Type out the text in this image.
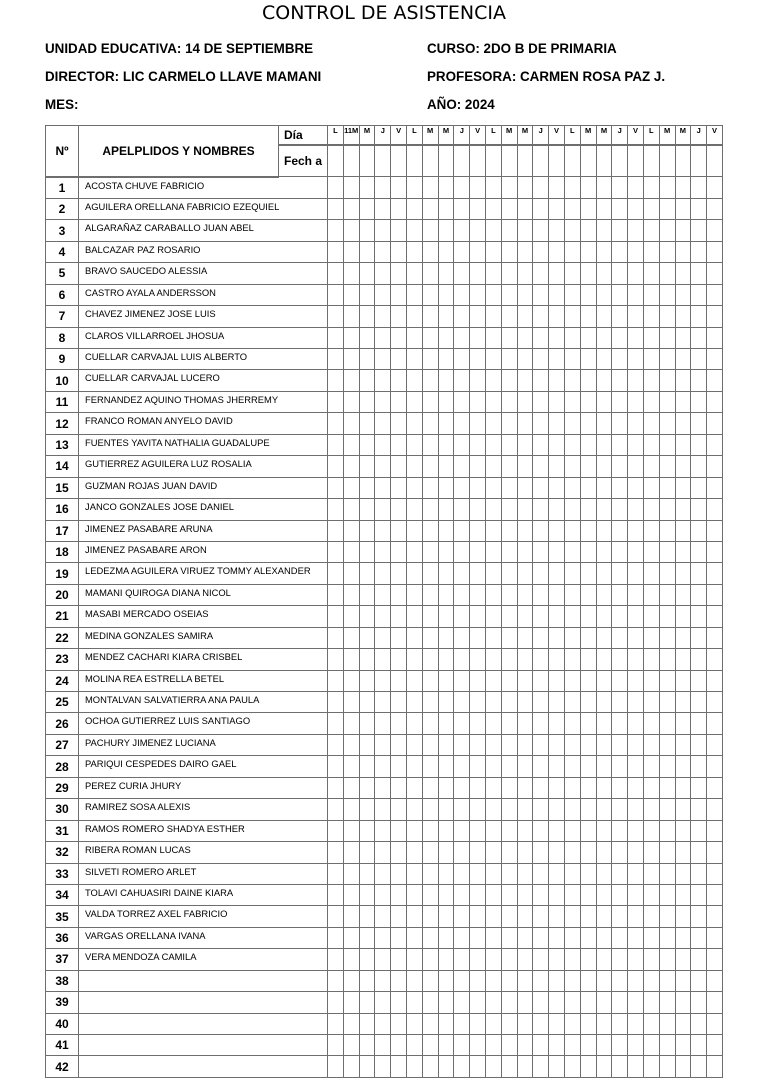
CONTROL DE ASISTENCIA
UNIDAD EDUCATIVA: 14 DE SEPTIEMBRE	CURSO: 2DO B DE PRIMARIA
DIRECTOR: LIC CARMELO LLAVE MAMANI	PROFESORA: CARMEN ROSA PAZ J.
MES:	AÑO: 2024
Nº	APELPLIDOS Y NOMBRES	Día	L	11M	M	J	V	L	M	M	J	V	L	M	M	J	V	L	M	M	J	V	L	M	M	J	V
		Fech a																									
1	ACOSTA CHUVE FABRICIO																										
2	AGUILERA ORELLANA FABRICIO EZEQUIEL																										
3	ALGARAÑAZ CARABALLO JUAN ABEL																										
4	BALCAZAR PAZ ROSARIO																										
5	BRAVO SAUCEDO ALESSIA																										
6	CASTRO AYALA ANDERSSON																										
7	CHAVEZ JIMENEZ JOSE LUIS																										
8	CLAROS VILLARROEL JHOSUA																										
9	CUELLAR CARVAJAL LUIS ALBERTO																										
10	CUELLAR CARVAJAL LUCERO																										
11	FERNANDEZ AQUINO THOMAS JHERREMY																										
12	FRANCO ROMAN ANYELO DAVID																										
13	FUENTES YAVITA NATHALIA GUADALUPE																										
14	GUTIERREZ AGUILERA LUZ ROSALIA																										
15	GUZMAN ROJAS JUAN DAVID																										
16	JANCO GONZALES JOSE DANIEL																										
17	JIMENEZ PASABARE ARUNA																										
18	JIMENEZ PASABARE ARON																										
19	LEDEZMA AGUILERA VIRUEZ TOMMY ALEXANDER																										
20	MAMANI QUIROGA DIANA NICOL																										
21	MASABI MERCADO OSEIAS																										
22	MEDINA GONZALES SAMIRA																										
23	MENDEZ CACHARI KIARA CRISBEL																										
24	MOLINA REA ESTRELLA BETEL																										
25	MONTALVAN SALVATIERRA ANA PAULA																										
26	OCHOA GUTIERREZ LUIS SANTIAGO																										
27	PACHURY JIMENEZ LUCIANA																										
28	PARIQUI CESPEDES DAIRO GAEL																										
29	PEREZ CURIA JHURY																										
30	RAMIREZ SOSA ALEXIS																										
31	RAMOS ROMERO SHADYA ESTHER																										
32	RIBERA ROMAN LUCAS																										
33	SILVETI ROMERO ARLET																										
34	TOLAVI CAHUASIRI DAINE KIARA																										
35	VALDA TORREZ AXEL FABRICIO																										
36	VARGAS ORELLANA IVANA																										
37	VERA MENDOZA CAMILA																										
38																											
39																											
40																											
41																											
42																											
